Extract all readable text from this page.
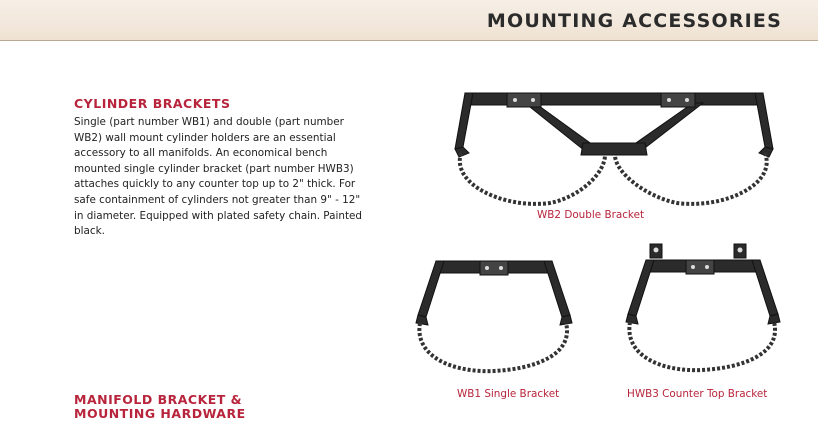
MOUNTING ACCESSORIES
CYLINDER BRACKETS
Single (part number WB1) and double (part number WB2) wall mount cylinder holders are an essential accessory to all manifolds. An economical bench mounted single cylinder bracket (part number HWB3) attaches quickly to any counter top up to 2" thick. For safe containment of cylinders not greater than 9" - 12" in diameter. Equipped with plated safety chain. Painted black.
MANIFOLD BRACKET &
MOUNTING HARDWARE
WB2 Double Bracket
WB1 Single Bracket	HWB3 Counter Top Bracket
